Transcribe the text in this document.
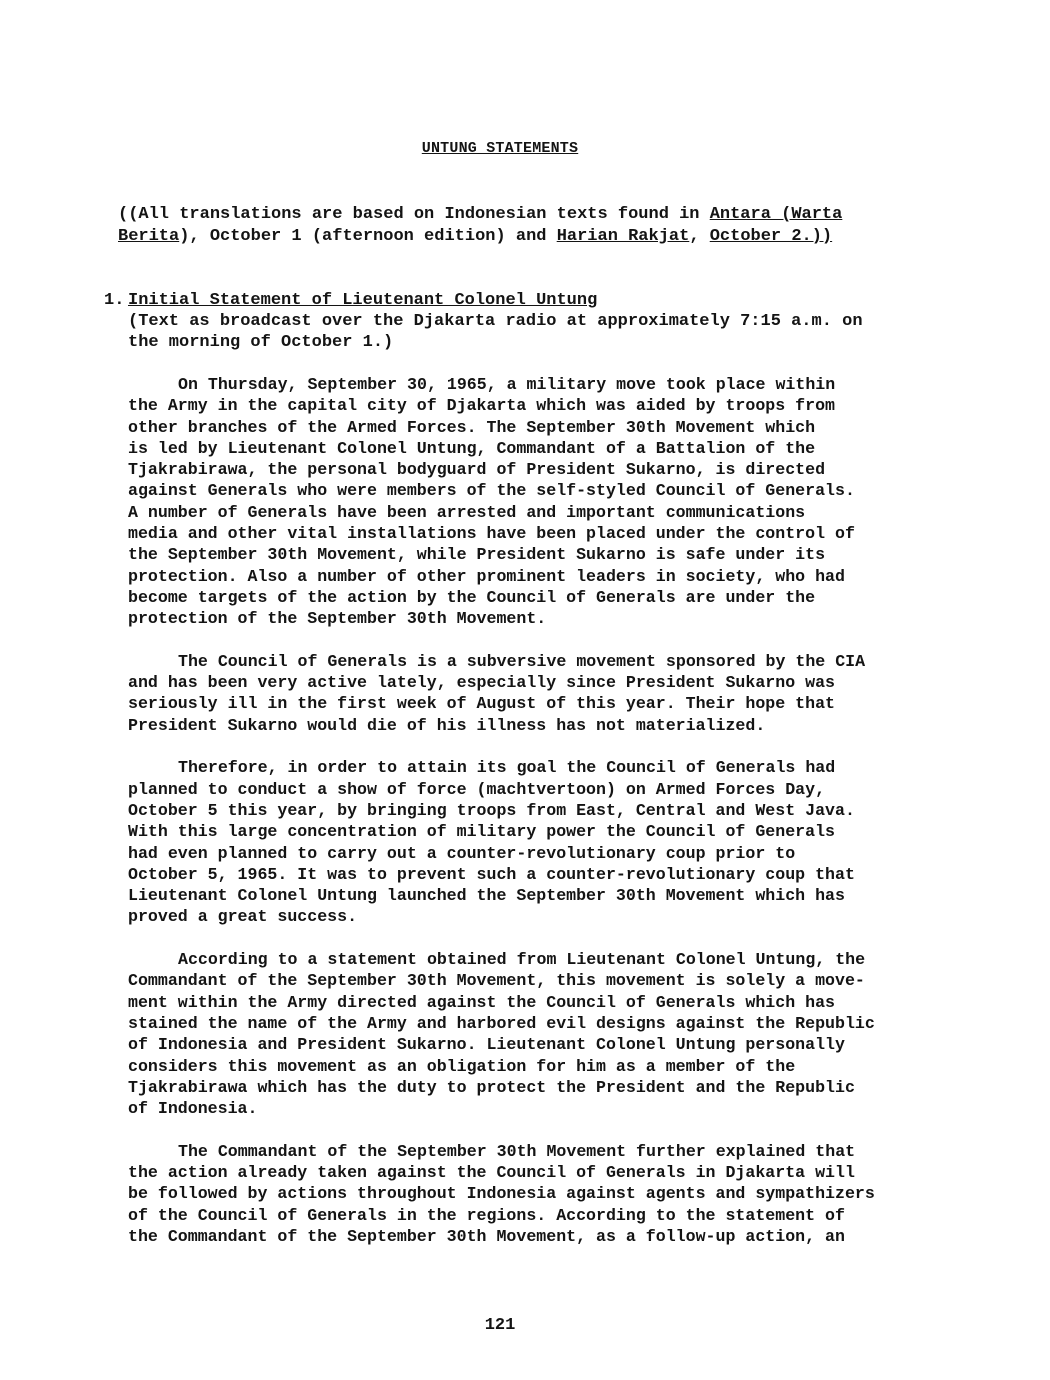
UNTUNG STATEMENTS
((All translations are based on Indonesian texts found in Antara (Warta
Berita), October 1 (afternoon edition) and Harian Rakjat, October 2.))
1. Initial Statement of Lieutenant Colonel Untung
(Text as broadcast over the Djakarta radio at approximately 7:15 a.m. on
the morning of October 1.)
On Thursday, September 30, 1965, a military move took place within
the Army in the capital city of Djakarta which was aided by troops from
other branches of the Armed Forces. The September 30th Movement which
is led by Lieutenant Colonel Untung, Commandant of a Battalion of the
Tjakrabirawa, the personal bodyguard of President Sukarno, is directed
against Generals who were members of the self-styled Council of Generals.
A number of Generals have been arrested and important communications
media and other vital installations have been placed under the control of
the September 30th Movement, while President Sukarno is safe under its
protection. Also a number of other prominent leaders in society, who had
become targets of the action by the Council of Generals are under the
protection of the September 30th Movement.
The Council of Generals is a subversive movement sponsored by the CIA
and has been very active lately, especially since President Sukarno was
seriously ill in the first week of August of this year. Their hope that
President Sukarno would die of his illness has not materialized.
Therefore, in order to attain its goal the Council of Generals had
planned to conduct a show of force (machtvertoon) on Armed Forces Day,
October 5 this year, by bringing troops from East, Central and West Java.
With this large concentration of military power the Council of Generals
had even planned to carry out a counter-revolutionary coup prior to
October 5, 1965. It was to prevent such a counter-revolutionary coup that
Lieutenant Colonel Untung launched the September 30th Movement which has
proved a great success.
According to a statement obtained from Lieutenant Colonel Untung, the
Commandant of the September 30th Movement, this movement is solely a move-
ment within the Army directed against the Council of Generals which has
stained the name of the Army and harbored evil designs against the Republic
of Indonesia and President Sukarno. Lieutenant Colonel Untung personally
considers this movement as an obligation for him as a member of the
Tjakrabirawa which has the duty to protect the President and the Republic
of Indonesia.
The Commandant of the September 30th Movement further explained that
the action already taken against the Council of Generals in Djakarta will
be followed by actions throughout Indonesia against agents and sympathizers
of the Council of Generals in the regions. According to the statement of
the Commandant of the September 30th Movement, as a follow-up action, an
121
